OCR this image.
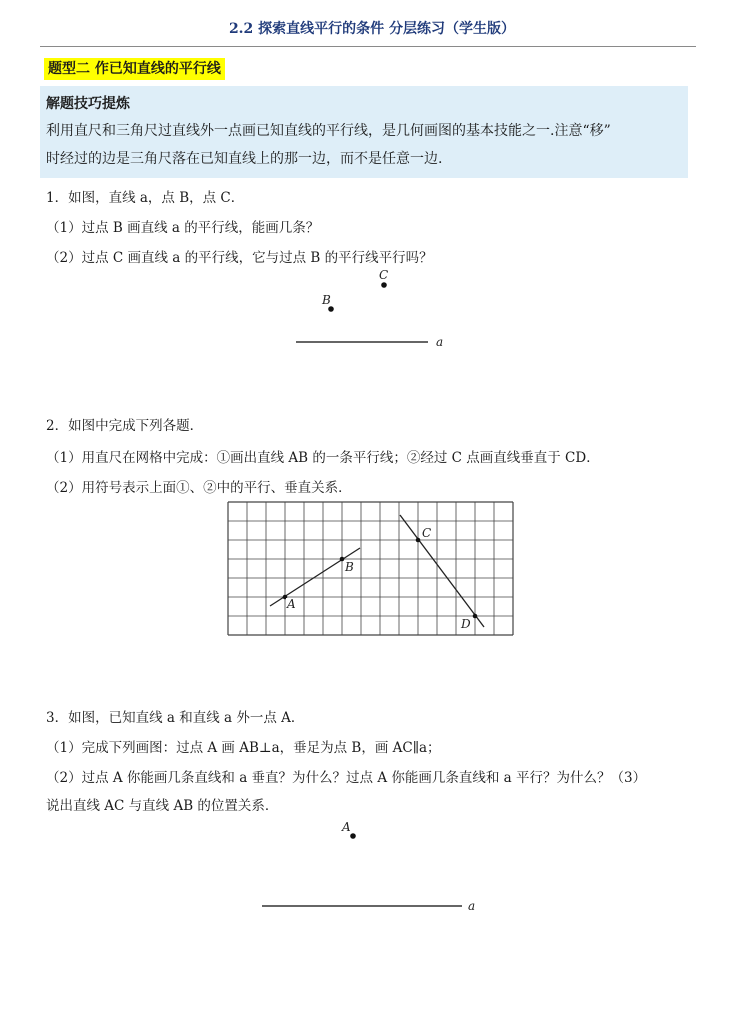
2.2 探索直线平行的条件 分层练习（学生版）
题型二 作已知直线的平行线
解题技巧提炼
利用直尺和三角尺过直线外一点画已知直线的平行线，是几何画图的基本技能之一.注意“移”
时经过的边是三角尺落在已知直线上的那一边，而不是任意一边.
1．如图，直线 a，点 B，点 C．
（1）过点 B 画直线 a 的平行线，能画几条？
（2）过点 C 画直线 a 的平行线，它与过点 B 的平行线平行吗？
C
B
a
A
B
C
D
A
a
2．如图中完成下列各题．
（1）用直尺在网格中完成：①画出直线 AB 的一条平行线；②经过 C 点画直线垂直于 CD．
（2）用符号表示上面①、②中的平行、垂直关系．
3．如图，已知直线 a 和直线 a 外一点 A．
（1）完成下列画图：过点 A 画 AB⊥a，垂足为点 B，画 AC∥a；
（2）过点 A 你能画几条直线和 a 垂直？为什么？过点 A 你能画几条直线和 a 平行？为什么？（3）
说出直线 AC 与直线 AB 的位置关系．
